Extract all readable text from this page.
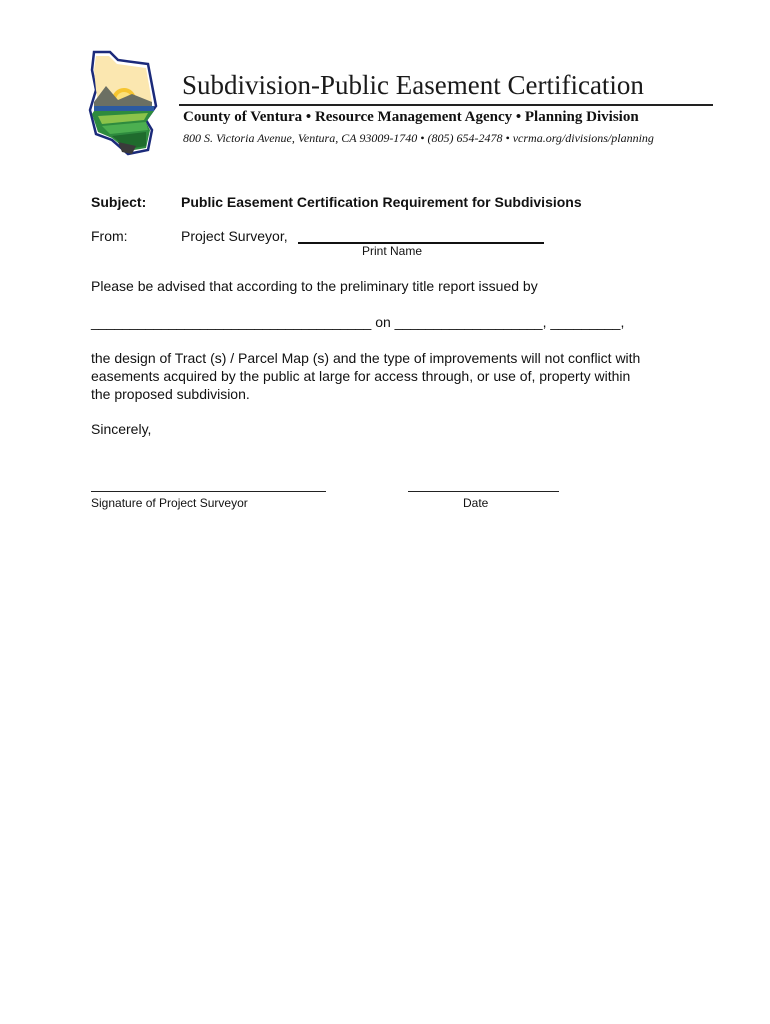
Subdivision-Public Easement Certification
County of Ventura • Resource Management Agency • Planning Division
800 S. Victoria Avenue, Ventura, CA 93009-1740 • (805) 654-2478 • vcrma.org/divisions/planning
Subject: Public Easement Certification Requirement for Subdivisions
From:	Project Surveyor,
Print Name
Please be advised that according to the preliminary title report issued by
____________________________________ on ___________________, _________,
the design of Tract (s) / Parcel Map (s) and the type of improvements will not conflict with
easements acquired by the public at large for access through, or use of, property within
the proposed subdivision.
Sincerely,
Signature of Project Surveyor	Date
